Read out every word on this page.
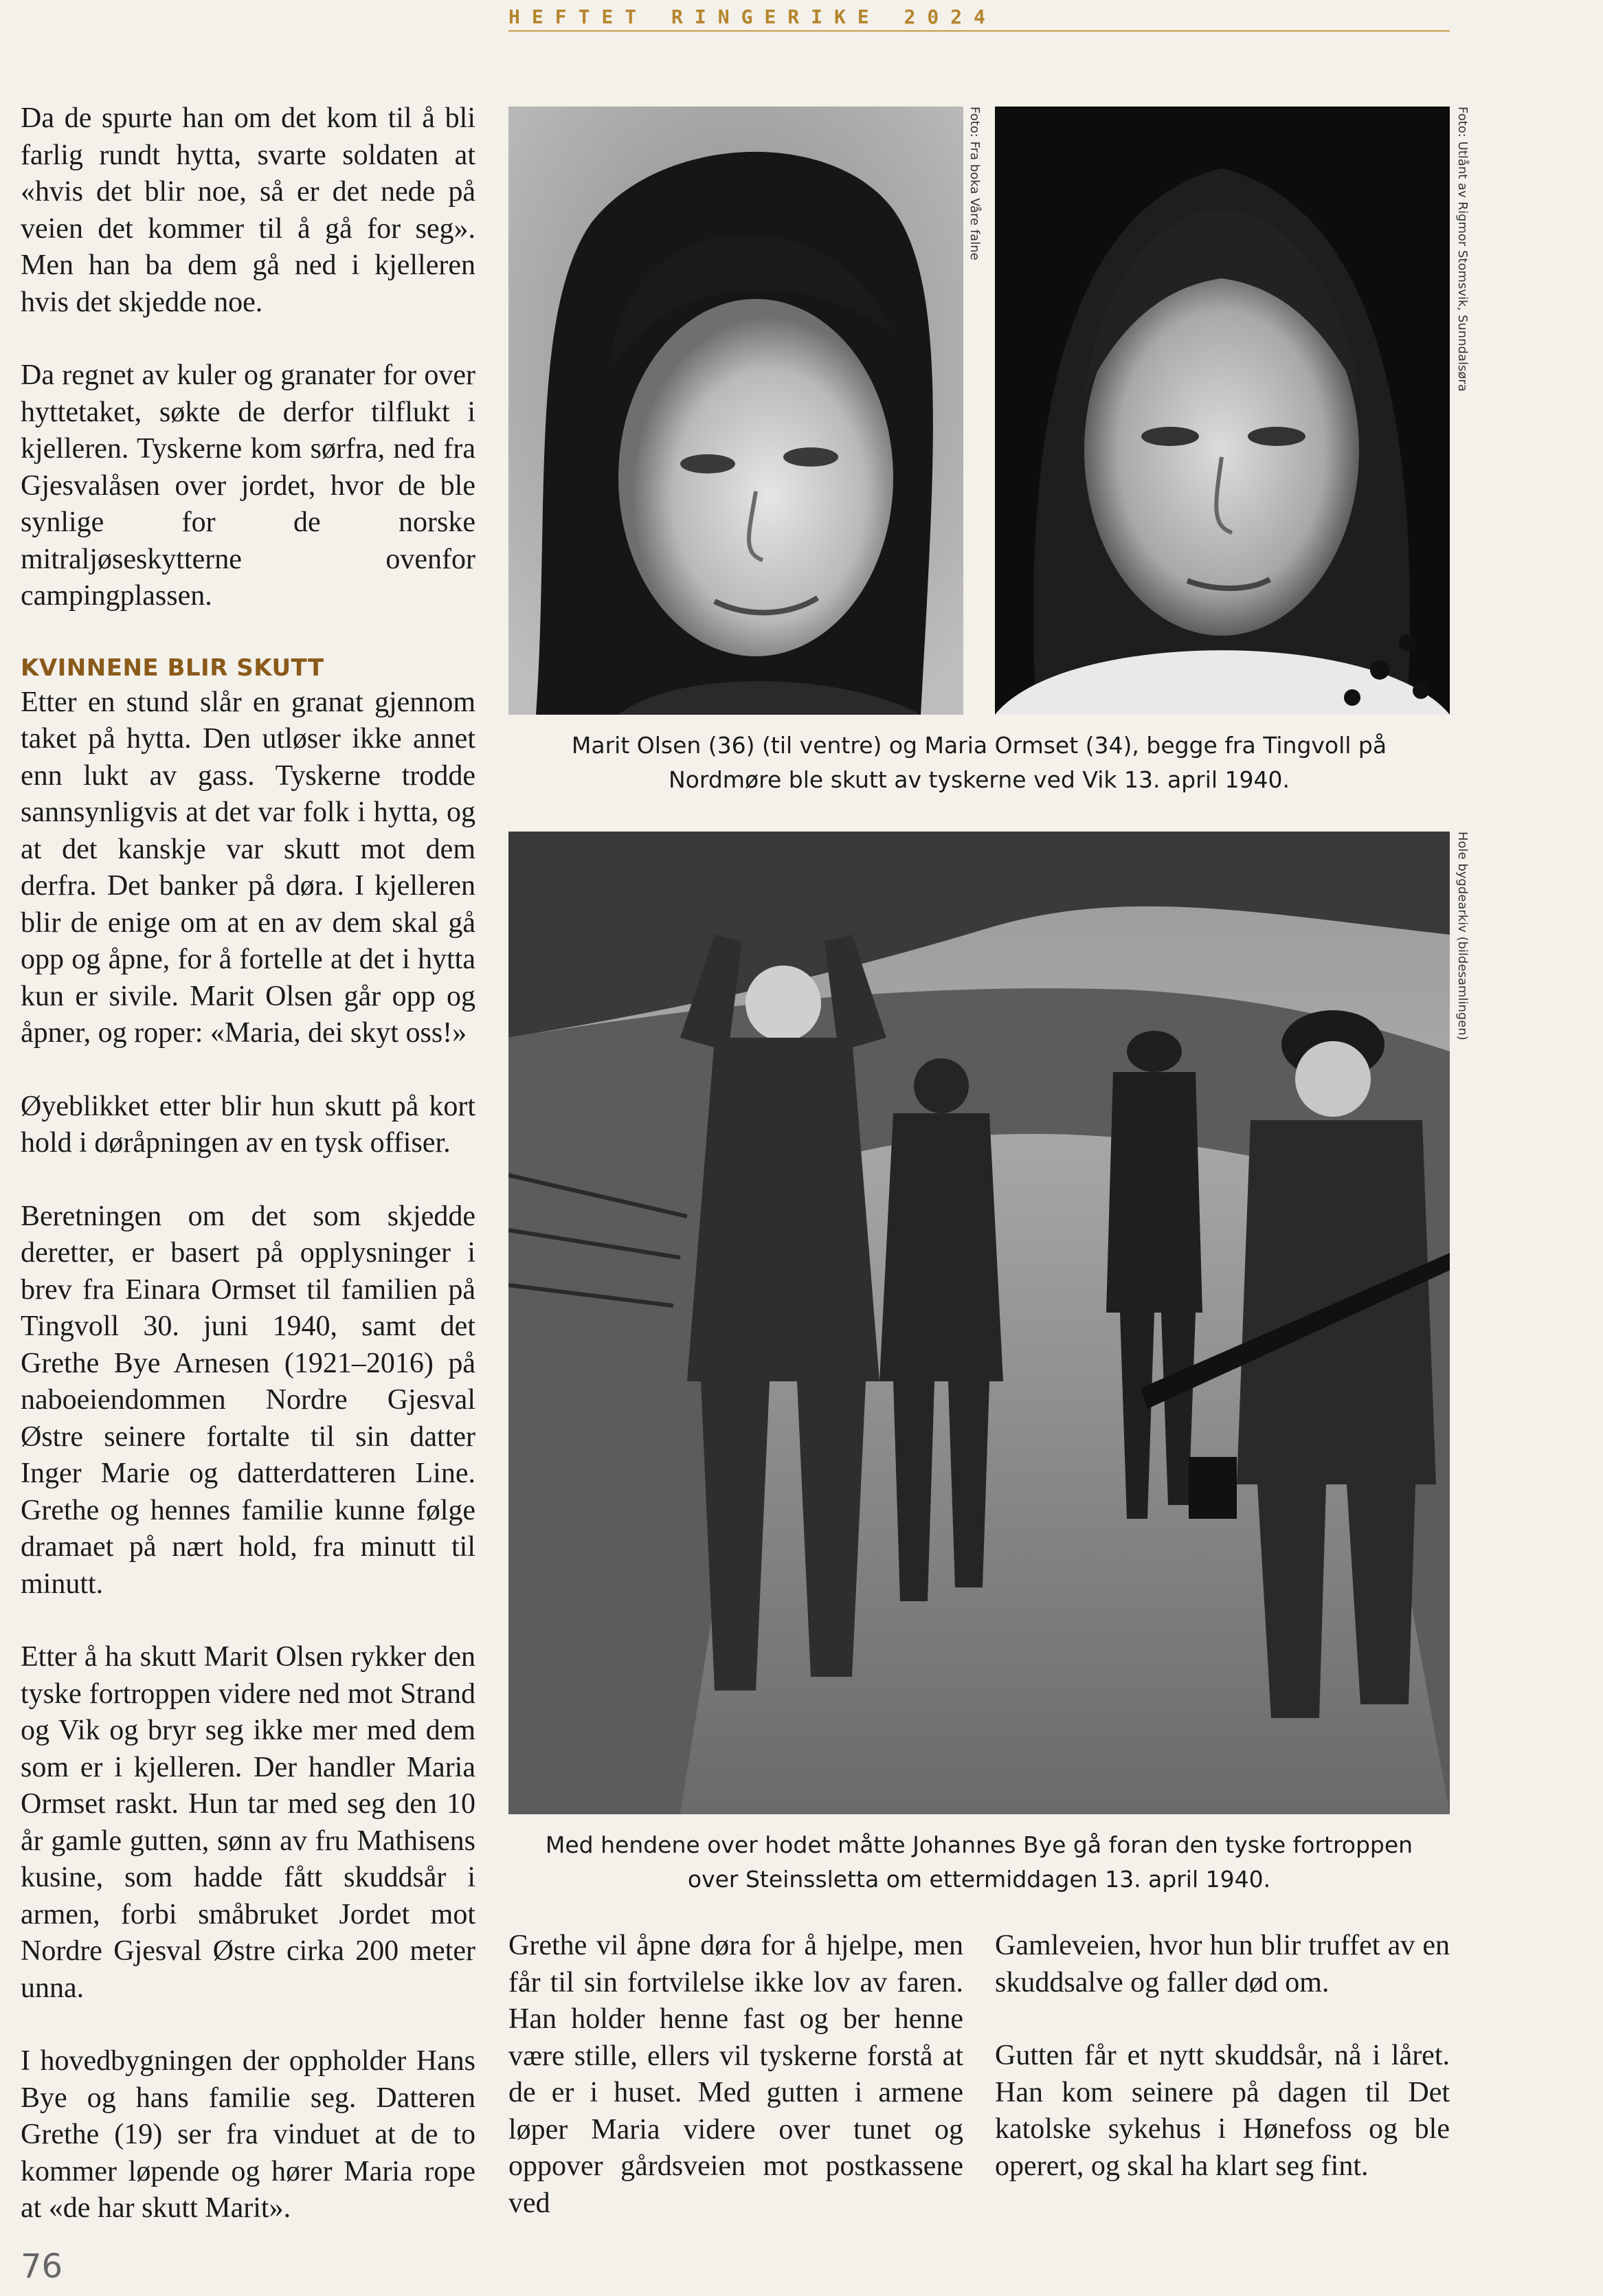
HEFTET RINGERIKE 2024

Da de spurte han om det kom til å bli farlig rundt hytta, svarte soldaten at «hvis det blir noe, så er det nede på veien det kommer til å gå for seg». Men han ba dem gå ned i kjelleren hvis det skjedde noe.

Da regnet av kuler og granater for over hyttetaket, søkte de derfor tilflukt i kjelleren. Tyskerne kom sørfra, ned fra Gjesvalåsen over jordet, hvor de ble synlige for de norske mitraljøseskytterne ovenfor campingplassen.

KVINNENE BLIR SKUTT

Etter en stund slår en granat gjennom taket på hytta. Den utløser ikke annet enn lukt av gass. Tyskerne trodde sannsynligvis at det var folk i hytta, og at det kanskje var skutt mot dem derfra. Det banker på døra. I kjelleren blir de enige om at en av dem skal gå opp og åpne, for å fortelle at det i hytta kun er sivile. Marit Olsen går opp og åpner, og roper: «Maria, dei skyt oss!»

Øyeblikket etter blir hun skutt på kort hold i døråpningen av en tysk offiser.

Beretningen om det som skjedde deretter, er basert på opplysninger i brev fra Einara Ormset til familien på Tingvoll 30. juni 1940, samt det Grethe Bye Arnesen (1921–2016) på naboeiendommen Nordre Gjesval Østre seinere fortalte til sin datter Inger Marie og datterdatteren Line. Grethe og hennes familie kunne følge dramaet på nært hold, fra minutt til minutt.

Etter å ha skutt Marit Olsen rykker den tyske fortroppen videre ned mot Strand og Vik og bryr seg ikke mer med dem som er i kjelleren. Der handler Maria Ormset raskt. Hun tar med seg den 10 år gamle gutten, sønn av fru Mathisens kusine, som hadde fått skuddsår i armen, forbi småbruket Jordet mot Nordre Gjesval Østre cirka 200 meter unna.

I hovedbygningen der oppholder Hans Bye og hans familie seg. Datteren Grethe (19) ser fra vinduet at de to kommer løpende og hører Maria rope at «de har skutt Marit».

Foto: Fra boka Våre falne	Foto: Utlånt av Rigmor Stomsvik, Sunndalsøra
Marit Olsen (36) (til ventre) og Maria Ormset (34), begge fra Tingvoll på Nordmøre ble skutt av tyskerne ved Vik 13. april 1940.
Hole bygdearkiv (bildesamlingen)
Med hendene over hodet måtte Johannes Bye gå foran den tyske fortroppen over Steinssletta om ettermiddagen 13. april 1940.

Grethe vil åpne døra for å hjelpe, men får til sin fortvilelse ikke lov av faren. Han holder henne fast og ber henne være stille, ellers vil tyskerne forstå at de er i huset. Med gutten i armene løper Maria videre over tunet og oppover gårdsveien mot postkassene ved

Gamleveien, hvor hun blir truffet av en skuddsalve og faller død om.

Gutten får et nytt skuddsår, nå i låret. Han kom seinere på dagen til Det katolske sykehus i Hønefoss og ble operert, og skal ha klart seg fint.

76
